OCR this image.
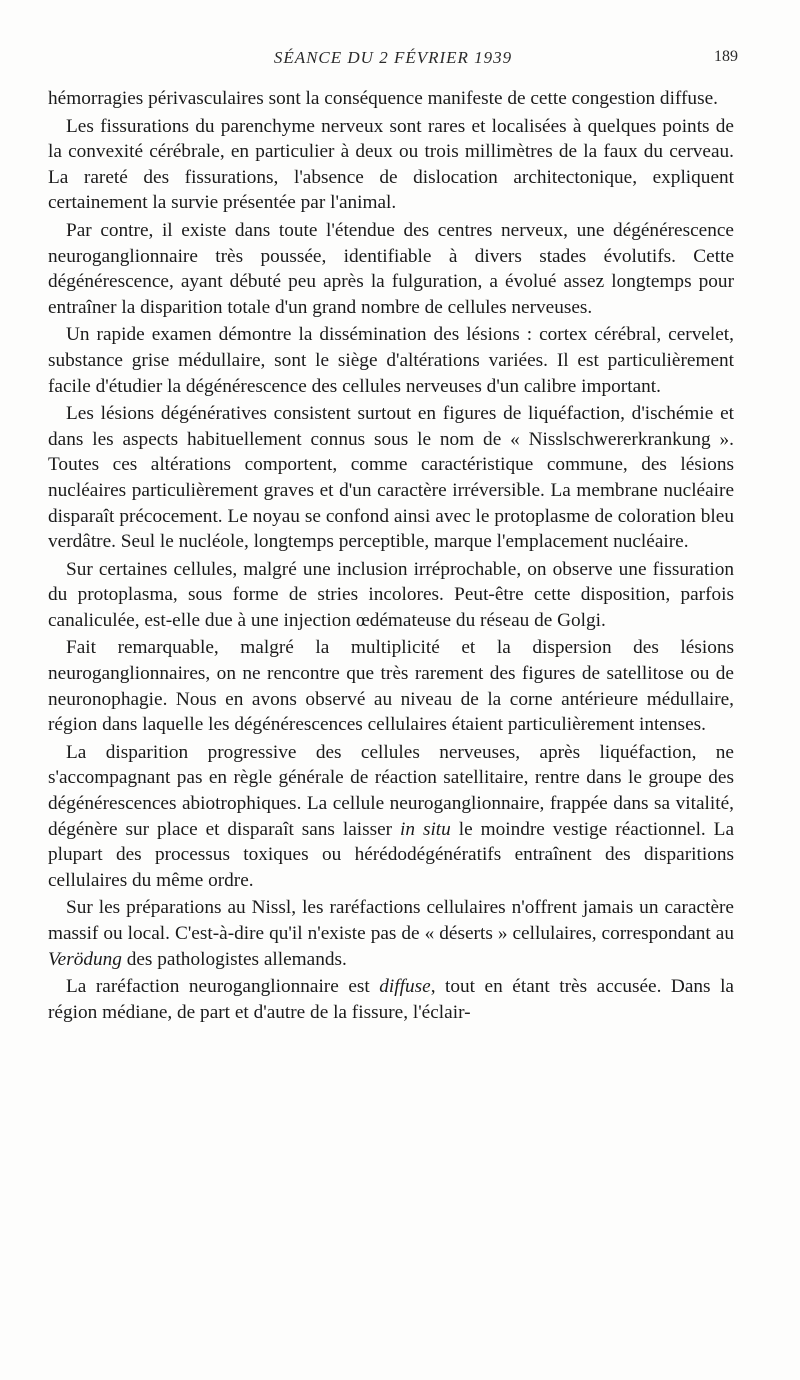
SÉANCE DU 2 FÉVRIER 1939	189

hémorragies périvasculaires sont la conséquence manifeste de cette congestion diffuse.

Les fissurations du parenchyme nerveux sont rares et localisées à quelques points de la convexité cérébrale, en particulier à deux ou trois millimètres de la faux du cerveau. La rareté des fissurations, l'absence de dislocation architectonique, expliquent certainement la survie présentée par l'animal.

Par contre, il existe dans toute l'étendue des centres nerveux, une dégénérescence neuroganglionnaire très poussée, identifiable à divers stades évolutifs. Cette dégénérescence, ayant débuté peu après la fulguration, a évolué assez longtemps pour entraîner la disparition totale d'un grand nombre de cellules nerveuses.

Un rapide examen démontre la dissémination des lésions : cortex cérébral, cervelet, substance grise médullaire, sont le siège d'altérations variées. Il est particulièrement facile d'étudier la dégénérescence des cellules nerveuses d'un calibre important.

Les lésions dégénératives consistent surtout en figures de liquéfaction, d'ischémie et dans les aspects habituellement connus sous le nom de « Nisslschwererkrankung ». Toutes ces altérations comportent, comme caractéristique commune, des lésions nucléaires particulièrement graves et d'un caractère irréversible. La membrane nucléaire disparaît précocement. Le noyau se confond ainsi avec le protoplasme de coloration bleu verdâtre. Seul le nucléole, longtemps perceptible, marque l'emplacement nucléaire.

Sur certaines cellules, malgré une inclusion irréprochable, on observe une fissuration du protoplasma, sous forme de stries incolores. Peut-être cette disposition, parfois canaliculée, est-elle due à une injection œdémateuse du réseau de Golgi.

Fait remarquable, malgré la multiplicité et la dispersion des lésions neuroganglionnaires, on ne rencontre que très rarement des figures de satellitose ou de neuronophagie. Nous en avons observé au niveau de la corne antérieure médullaire, région dans laquelle les dégénérescences cellulaires étaient particulièrement intenses.

La disparition progressive des cellules nerveuses, après liquéfaction, ne s'accompagnant pas en règle générale de réaction satellitaire, rentre dans le groupe des dégénérescences abiotrophiques. La cellule neuroganglionnaire, frappée dans sa vitalité, dégénère sur place et disparaît sans laisser in situ le moindre vestige réactionnel. La plupart des processus toxiques ou hérédodégénératifs entraînent des disparitions cellulaires du même ordre.

Sur les préparations au Nissl, les raréfactions cellulaires n'offrent jamais un caractère massif ou local. C'est-à-dire qu'il n'existe pas de « déserts » cellulaires, correspondant au Verödung des pathologistes allemands.

La raréfaction neuroganglionnaire est diffuse, tout en étant très accusée. Dans la région médiane, de part et d'autre de la fissure, l'éclair-
